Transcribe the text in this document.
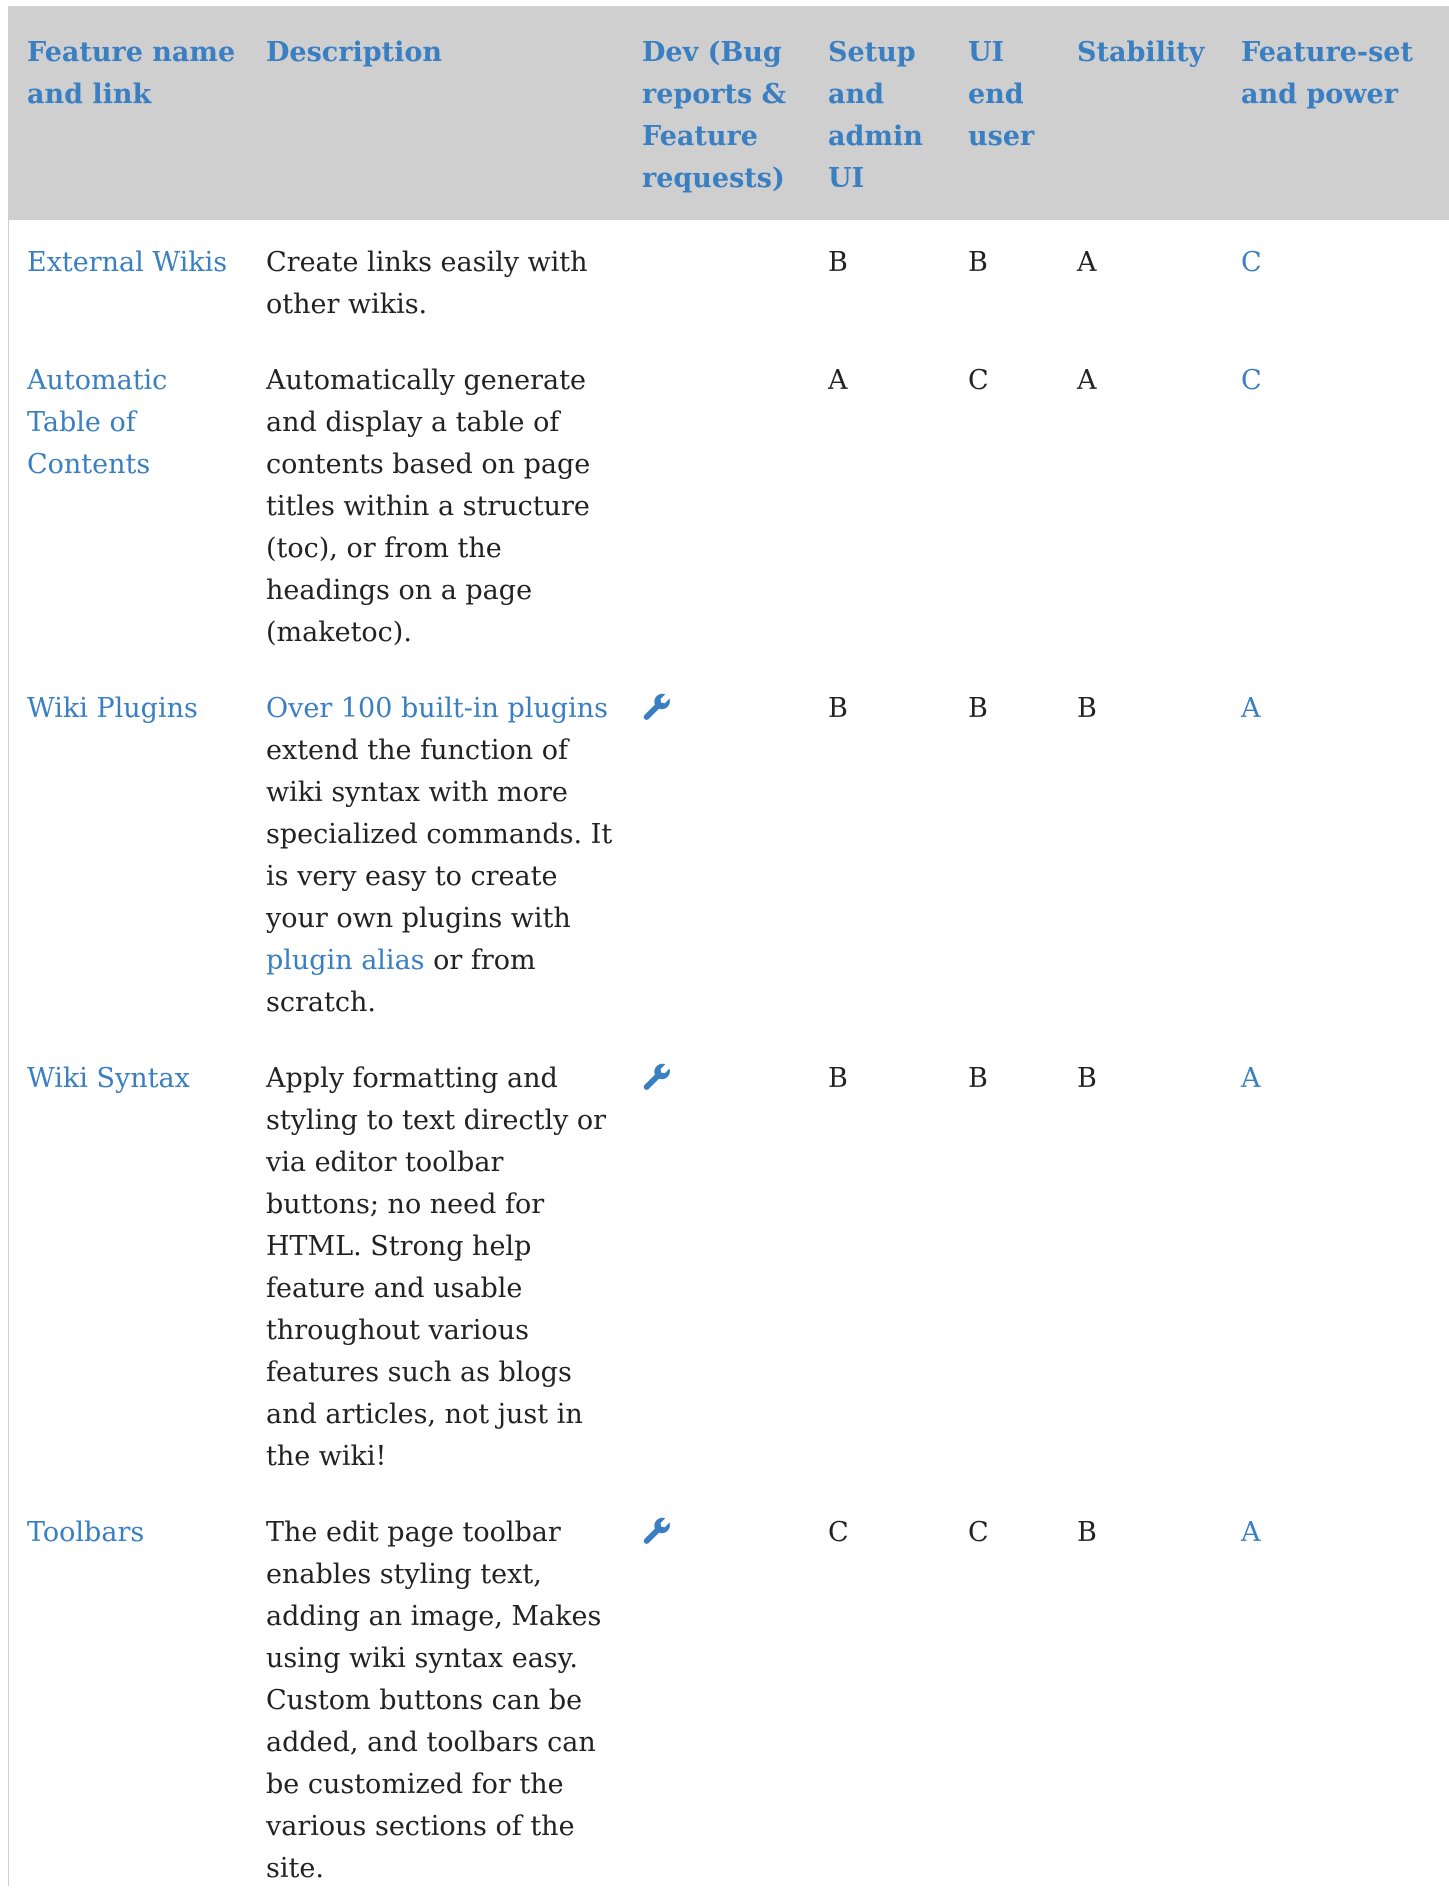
Feature name and link	Description	Dev (Bug reports & Feature requests)	Setup and admin UI	UI end user	Stability	Feature-set and power
External Wikis	Create links easily with other wikis.		B	B	A	C
Automatic Table of Contents	Automatically generate and display a table of contents based on page titles within a structure (toc), or from the headings on a page (maketoc).		A	C	A	C
Wiki Plugins	Over 100 built-in plugins extend the function of wiki syntax with more specialized commands. It is very easy to create your own plugins with plugin alias or from scratch.		B	B	B	A
Wiki Syntax	Apply formatting and styling to text directly or via editor toolbar buttons; no need for HTML. Strong help feature and usable throughout various features such as blogs and articles, not just in the wiki!		B	B	B	A
Toolbars	The edit page toolbar enables styling text, adding an image, Makes using wiki syntax easy. Custom buttons can be added, and toolbars can be customized for the various sections of the site.		C	C	B	A
